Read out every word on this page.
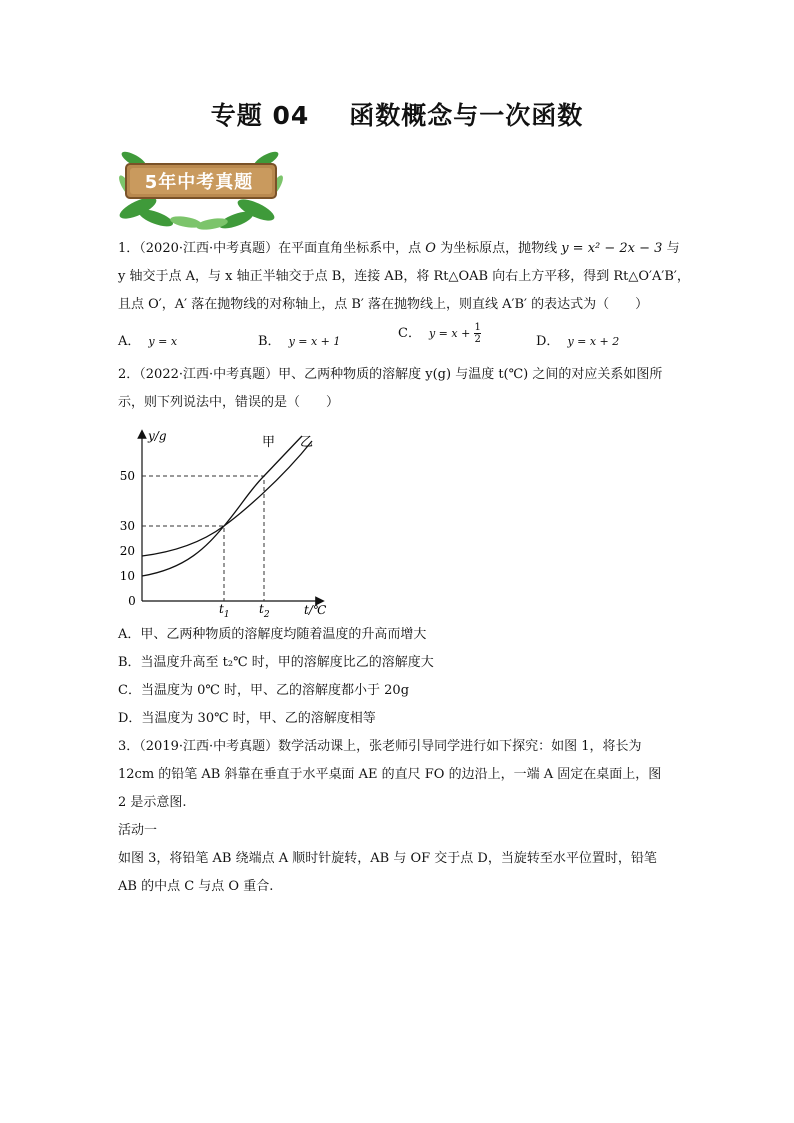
专题 04 函数概念与一次函数
5年中考真题
1．（2020·江西·中考真题）在平面直角坐标系中，点 O 为坐标原点，抛物线 y = x² − 2x − 3 与
y 轴交于点 A，与 x 轴正半轴交于点 B，连接 AB，将 Rt△OAB 向右上方平移，得到 Rt△O′A′B′，
且点 O′，A′ 落在抛物线的对称轴上，点 B′ 落在抛物线上，则直线 A′B′ 的表达式为（　　）
A． y = x	B． y = x + 1
C． $y = x + \frac{1}{2}$	D． y = x + 2
2．（2022·江西·中考真题）甲、乙两种物质的溶解度 y(g) 与温度 t(℃) 之间的对应关系如图所
示，则下列说法中，错误的是（　　）
10
20
30
50
0
y/g
t/℃
$t_1$ $t_2$
甲 乙
A．甲、乙两种物质的溶解度均随着温度的升高而增大
B．当温度升高至 t₂℃ 时，甲的溶解度比乙的溶解度大
C．当温度为 0℃ 时，甲、乙的溶解度都小于 20g
D．当温度为 30℃ 时，甲、乙的溶解度相等
3．（2019·江西·中考真题）数学活动课上，张老师引导同学进行如下探究：如图 1，将长为
12cm 的铅笔 AB 斜靠在垂直于水平桌面 AE 的直尺 FO 的边沿上，一端 A 固定在桌面上，图
2 是示意图.
活动一
如图 3，将铅笔 AB 绕端点 A 顺时针旋转，AB 与 OF 交于点 D，当旋转至水平位置时，铅笔
AB 的中点 C 与点 O 重合.
